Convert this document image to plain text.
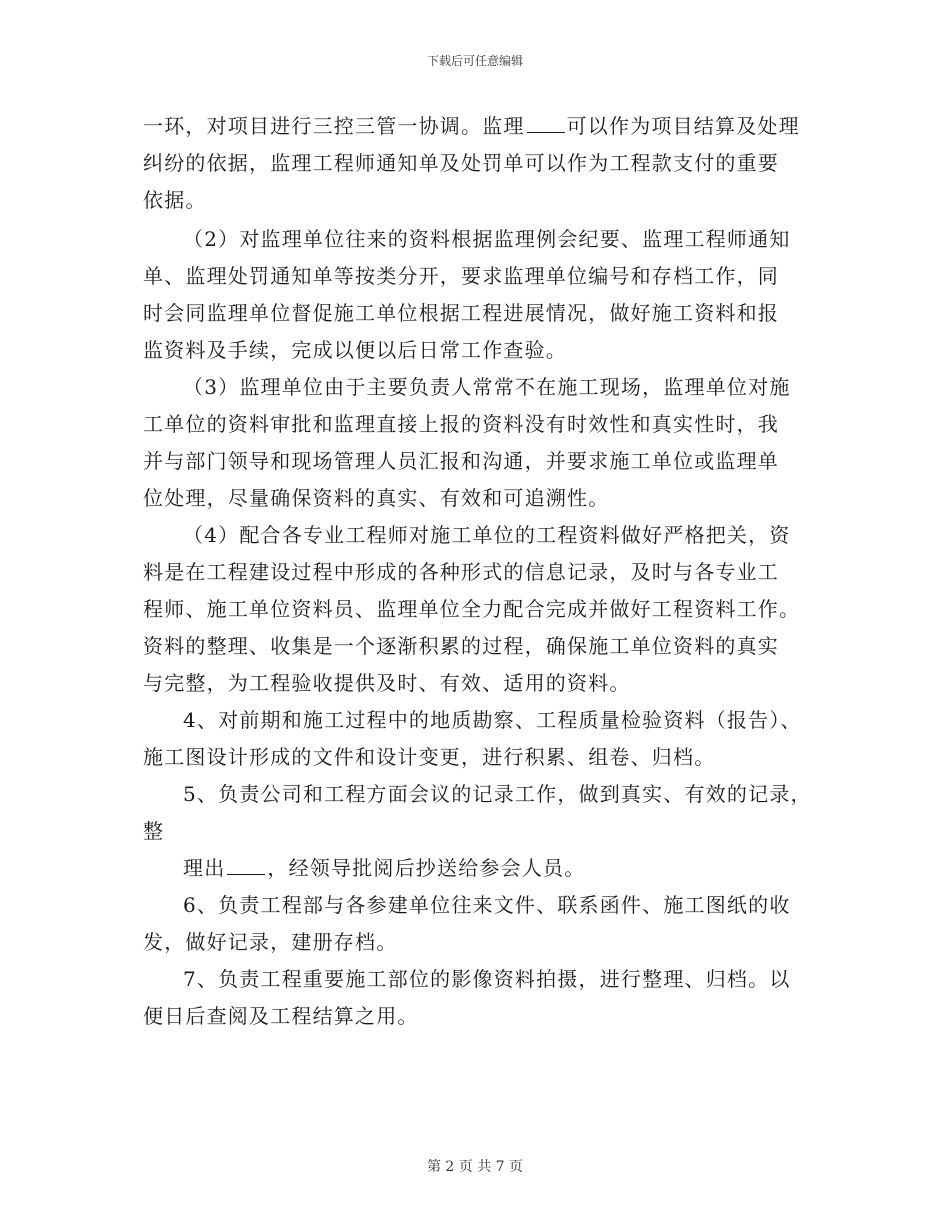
下载后可任意编辑
一环，对项目进行三控三管一协调。监理 可以作为项目结算及处理
纠纷的依据，监理工程师通知单及处罚单可以作为工程款支付的重要
依据。
（2）对监理单位往来的资料根据监理例会纪要、监理工程师通知
单、监理处罚通知单等按类分开，要求监理单位编号和存档工作，同
时会同监理单位督促施工单位根据工程进展情况，做好施工资料和报
监资料及手续，完成以便以后日常工作查验。
（3）监理单位由于主要负责人常常不在施工现场，监理单位对施
工单位的资料审批和监理直接上报的资料没有时效性和真实性时，我
并与部门领导和现场管理人员汇报和沟通，并要求施工单位或监理单
位处理，尽量确保资料的真实、有效和可追溯性。
（4）配合各专业工程师对施工单位的工程资料做好严格把关，资
料是在工程建设过程中形成的各种形式的信息记录，及时与各专业工
程师、施工单位资料员、监理单位全力配合完成并做好工程资料工作。
资料的整理、收集是一个逐渐积累的过程，确保施工单位资料的真实
与完整，为工程验收提供及时、有效、适用的资料。
4、对前期和施工过程中的地质勘察、工程质量检验资料（报告）、
施工图设计形成的文件和设计变更，进行积累、组卷、归档。
5、负责公司和工程方面会议的记录工作，做到真实、有效的记录，
整
理出 ，经领导批阅后抄送给参会人员。
6、负责工程部与各参建单位往来文件、联系函件、施工图纸的收
发，做好记录，建册存档。
7、负责工程重要施工部位的影像资料拍摄，进行整理、归档。以
便日后查阅及工程结算之用。
第 2 页 共 7 页
